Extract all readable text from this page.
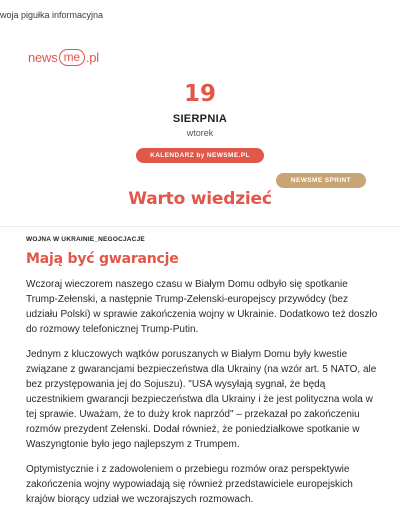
woja pigułka informacyjna
news me .pl
19
SIERPNIA
wtorek
KALENDARZ by NEWSME.PL
NEWSME SPRINT
Warto wiedzieć
WOJNA W UKRAINIE_NEGOCJACJE
Mają być gwarancje

Wczoraj wieczorem naszego czasu w Białym Domu odbyło się spotkanie Trump-Zełenski, a następnie Trump-Zełenski-europejscy przywódcy (bez udziału Polski) w sprawie zakończenia wojny w Ukrainie. Dodatkowo też doszło do rozmowy telefonicznej Trump-Putin.

Jednym z kluczowych wątków poruszanych w Białym Domu były kwestie związane z gwarancjami bezpieczeństwa dla Ukrainy (na wzór art. 5 NATO, ale bez przystępowania jej do Sojuszu). "USA wysyłają sygnał, że będą uczestnikiem gwarancji bezpieczeństwa dla Ukrainy i że jest polityczna wola w tej sprawie. Uważam, że to duży krok naprzód" – przekazał po zakończeniu rozmów prezydent Zełenski. Dodał również, że poniedziałkowe spotkanie w Waszyngtonie było jego najlepszym z Trumpem.

Optymistycznie i z zadowoleniem o przebiegu rozmów oraz perspektywie zakończenia wojny wypowiadają się również przedstawiciele europejskich krajów biorący udział we wczorajszych rozmowach.
